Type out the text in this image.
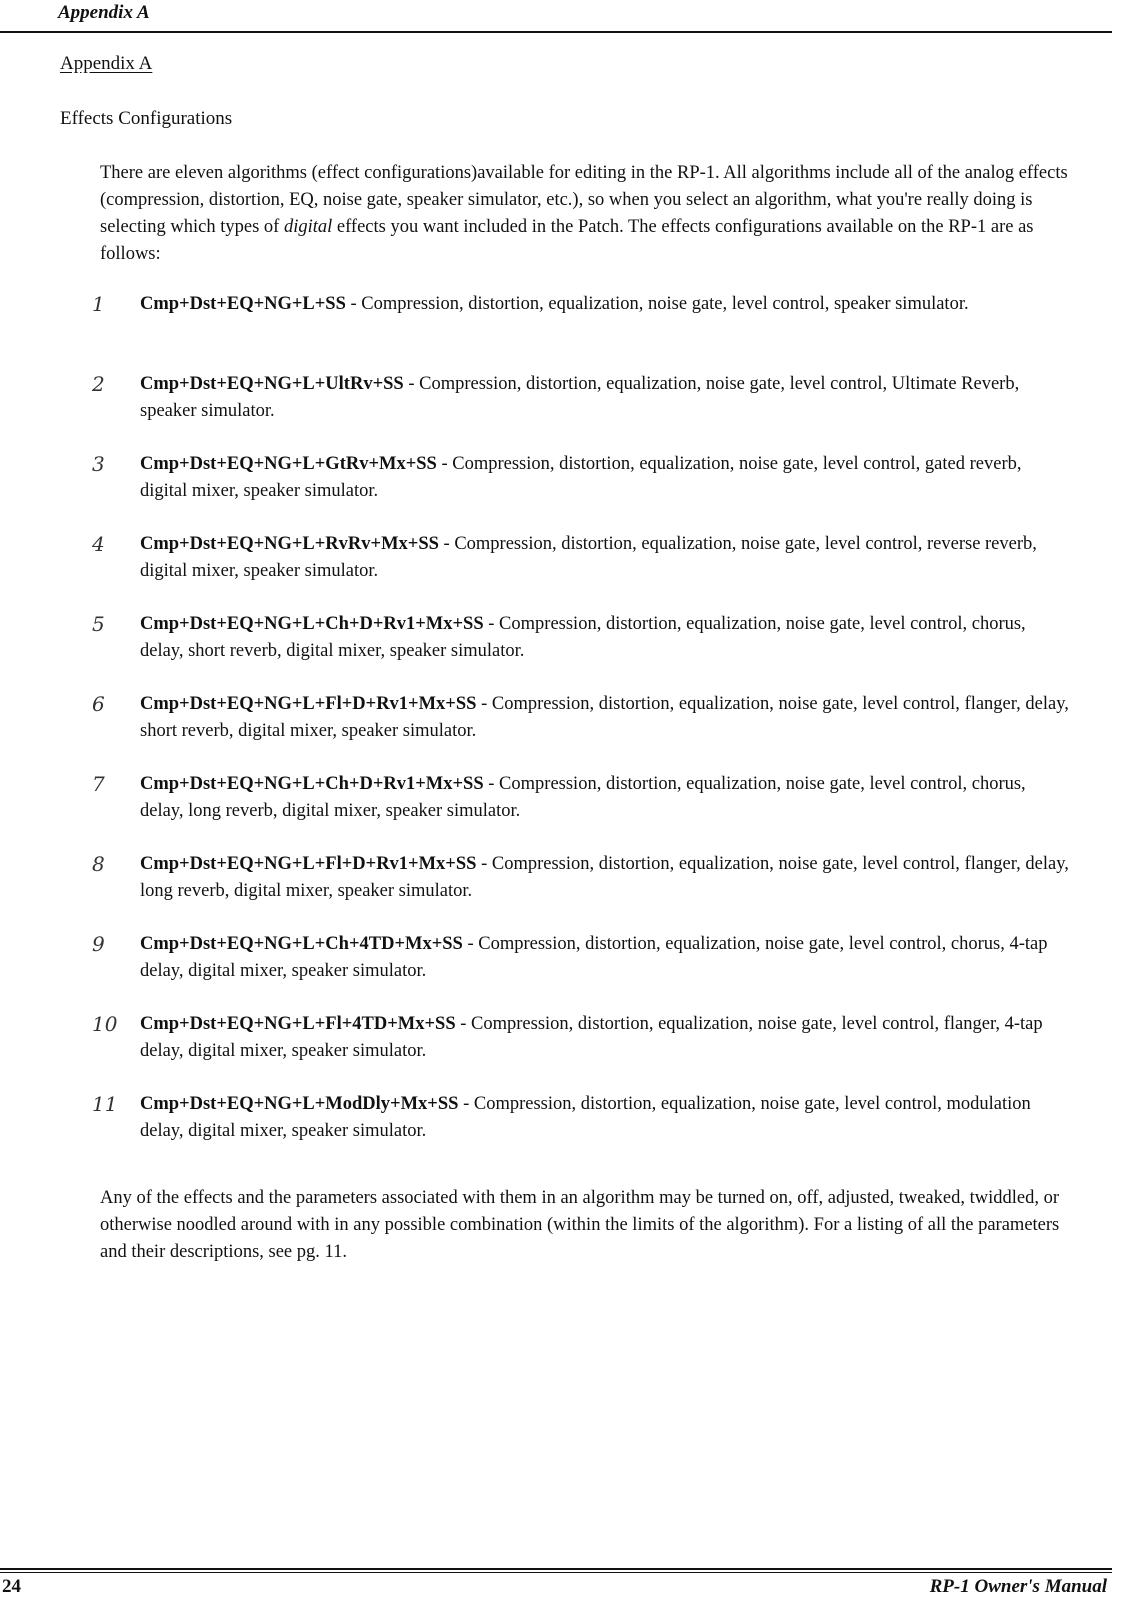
Appendix A
Appendix A
Effects Configurations

There are eleven algorithms (effect configurations)available for editing in the RP-1. All algorithms include all of the analog effects (compression, distortion, EQ, noise gate, speaker simulator, etc.), so when you select an algorithm, what you're really doing is selecting which types of digital effects you want included in the Patch. The effects configurations available on the RP-1 are as follows:

1	Cmp+Dst+EQ+NG+L+SS - Compression, distortion, equalization, noise gate, level control, speaker simulator.
2	Cmp+Dst+EQ+NG+L+UltRv+SS - Compression, distortion, equalization, noise gate, level control, Ultimate Reverb, speaker simulator.
3	Cmp+Dst+EQ+NG+L+GtRv+Mx+SS - Compression, distortion, equalization, noise gate, level control, gated reverb, digital mixer, speaker simulator.
4	Cmp+Dst+EQ+NG+L+RvRv+Mx+SS - Compression, distortion, equalization, noise gate, level control, reverse reverb, digital mixer, speaker simulator.
5	Cmp+Dst+EQ+NG+L+Ch+D+Rv1+Mx+SS - Compression, distortion, equalization, noise gate, level control, chorus, delay, short reverb, digital mixer, speaker simulator.
6	Cmp+Dst+EQ+NG+L+Fl+D+Rv1+Mx+SS - Compression, distortion, equalization, noise gate, level control, flanger, delay, short reverb, digital mixer, speaker simulator.
7	Cmp+Dst+EQ+NG+L+Ch+D+Rv1+Mx+SS - Compression, distortion, equalization, noise gate, level control, chorus, delay, long reverb, digital mixer, speaker simulator.
8	Cmp+Dst+EQ+NG+L+Fl+D+Rv1+Mx+SS - Compression, distortion, equalization, noise gate, level control, flanger, delay, long reverb, digital mixer, speaker simulator.
9	Cmp+Dst+EQ+NG+L+Ch+4TD+Mx+SS - Compression, distortion, equalization, noise gate, level control, chorus, 4-tap delay, digital mixer, speaker simulator.
10	Cmp+Dst+EQ+NG+L+Fl+4TD+Mx+SS - Compression, distortion, equalization, noise gate, level control, flanger, 4-tap delay, digital mixer, speaker simulator.
11	Cmp+Dst+EQ+NG+L+ModDly+Mx+SS - Compression, distortion, equalization, noise gate, level control, modulation delay, digital mixer, speaker simulator.

Any of the effects and the parameters associated with them in an algorithm may be turned on, off, adjusted, tweaked, twiddled, or otherwise noodled around with in any possible combination (within the limits of the algorithm). For a listing of all the parameters and their descriptions, see pg. 11.

24	RP-1 Owner's Manual
